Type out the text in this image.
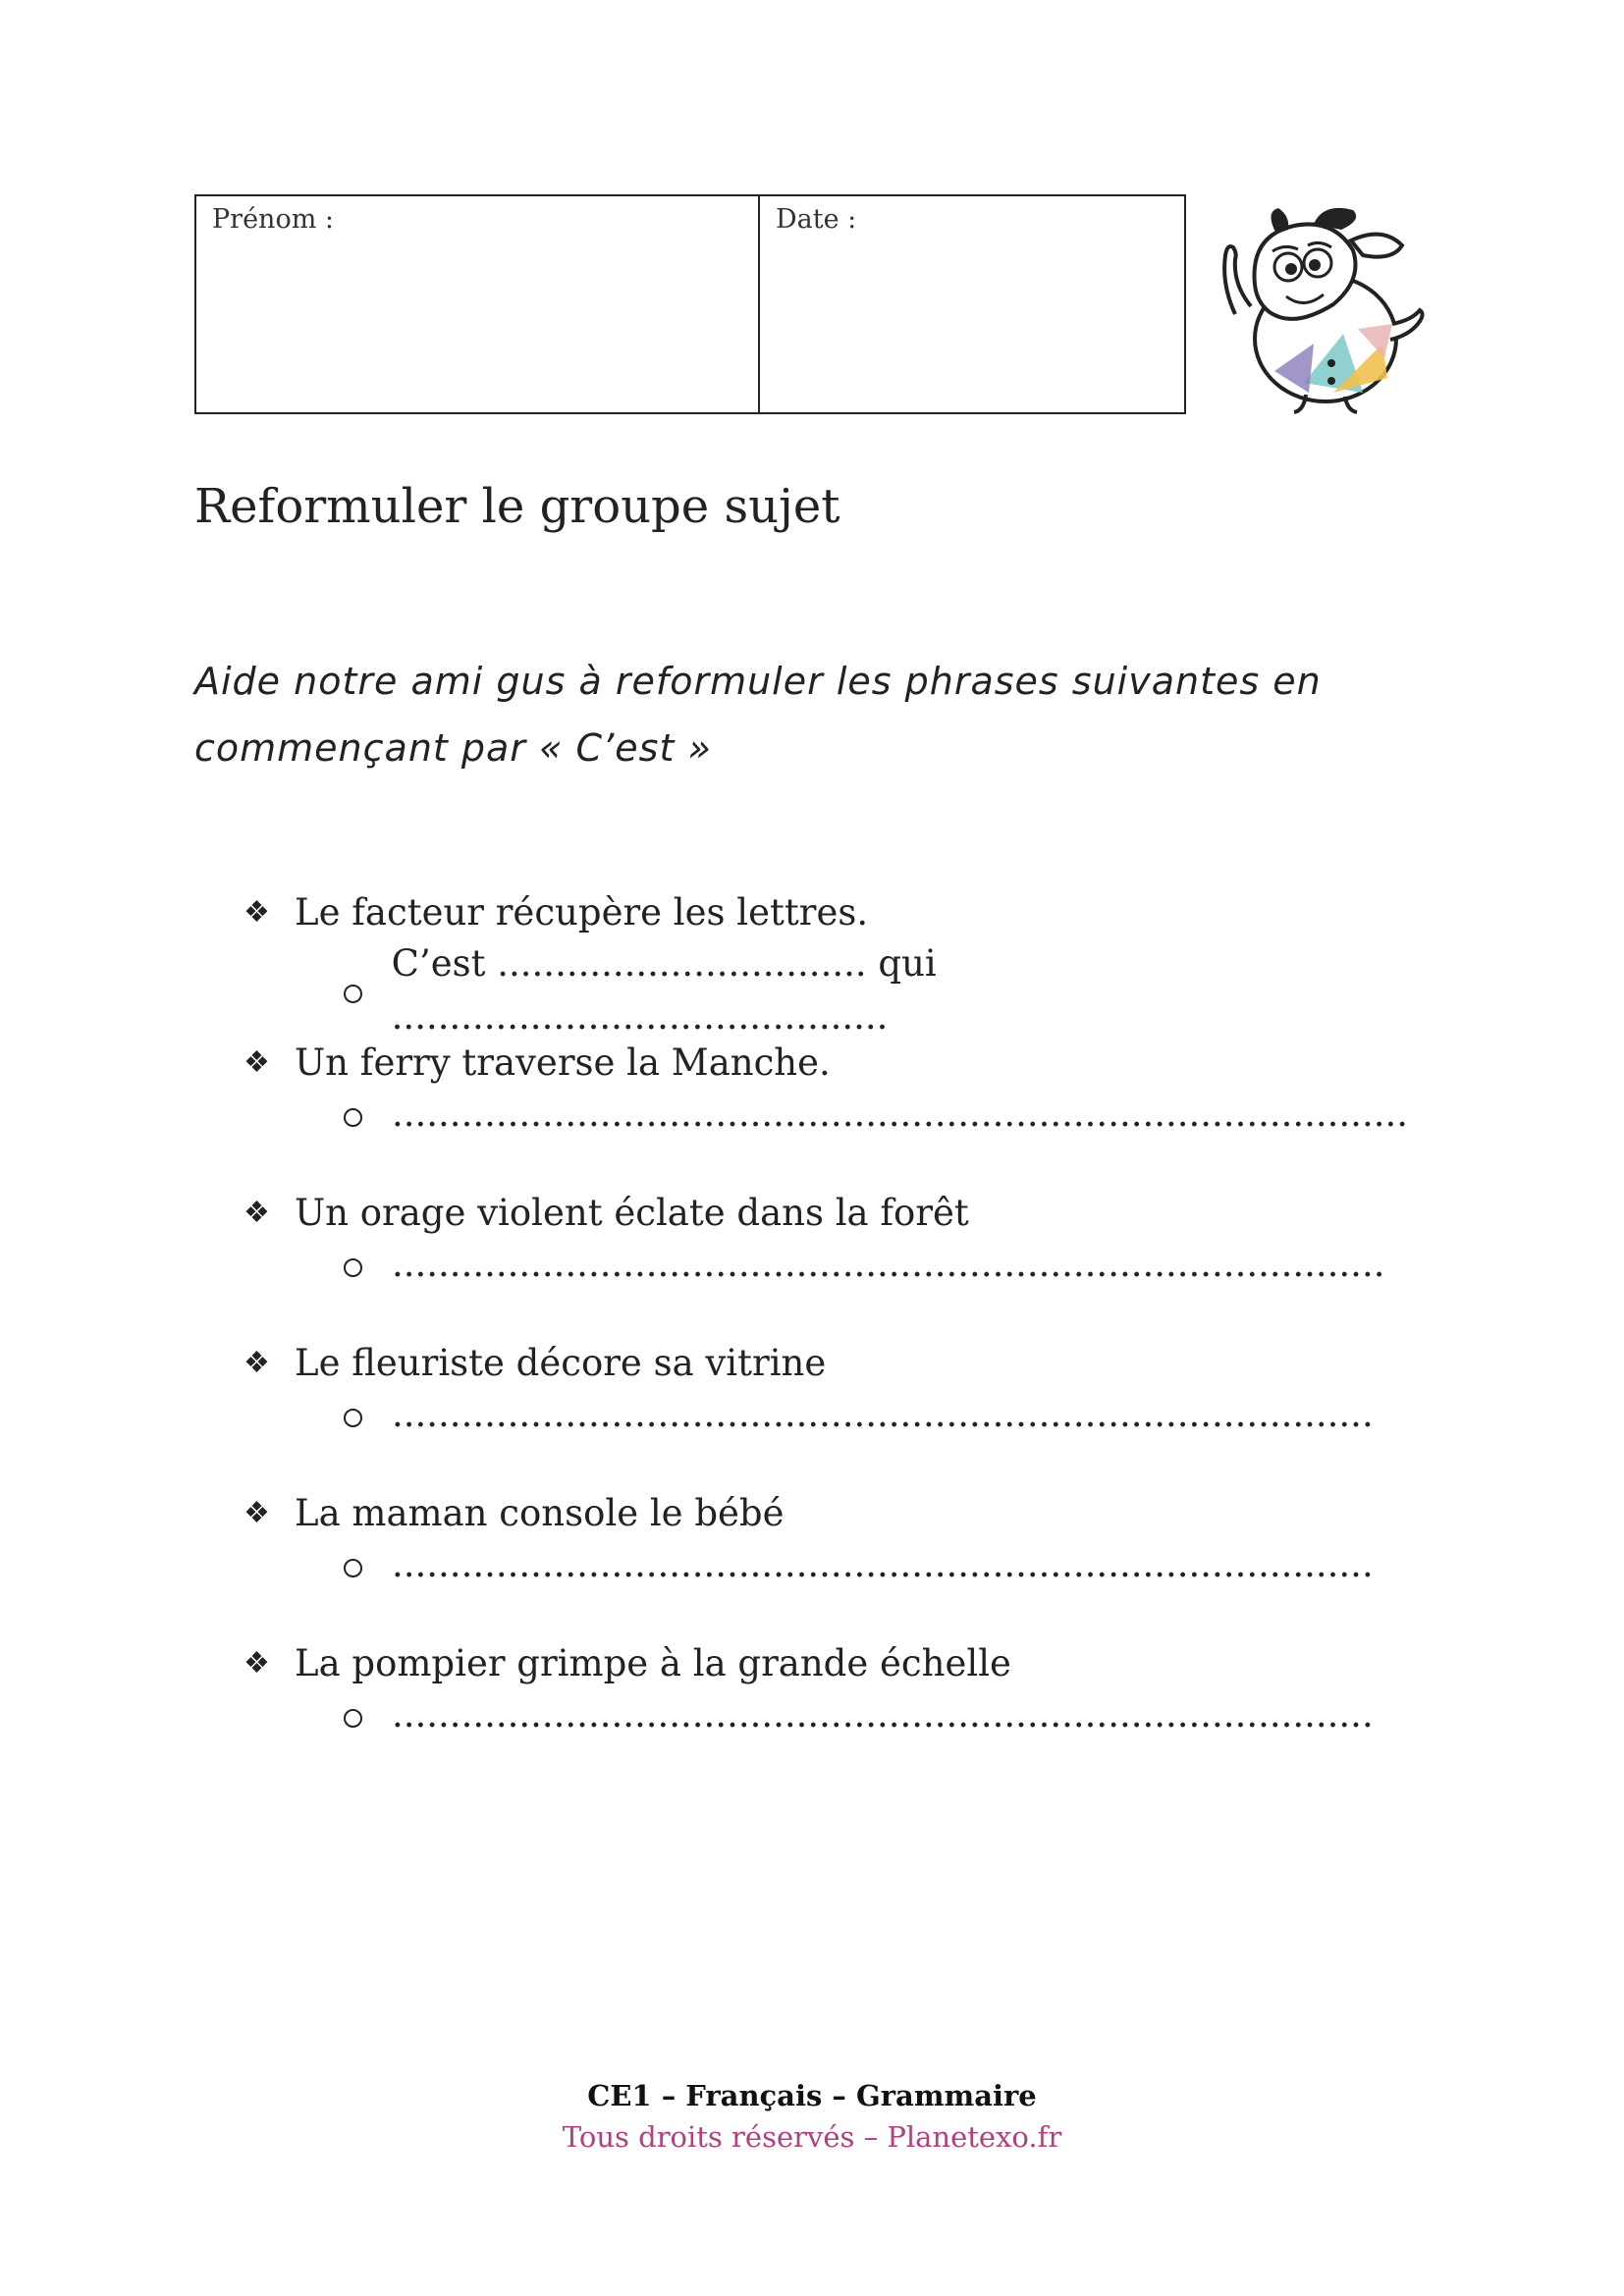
Prénom :	Date :
Reformuler le groupe sujet

Aide notre ami gus à reformuler les phrases suivantes en
commençant par « C’est »

❖ Le facteur récupère les lettres.
C’est ................................ qui ...........................................
❖ Un ferry traverse la Manche.
........................................................................................
❖ Un orage violent éclate dans la forêt
......................................................................................
❖ Le fleuriste décore sa vitrine
.....................................................................................
❖ La maman console le bébé
.....................................................................................
❖ La pompier grimpe à la grande échelle
.....................................................................................
CE1 – Français – Grammaire
Tous droits réservés – Planetexo.fr
